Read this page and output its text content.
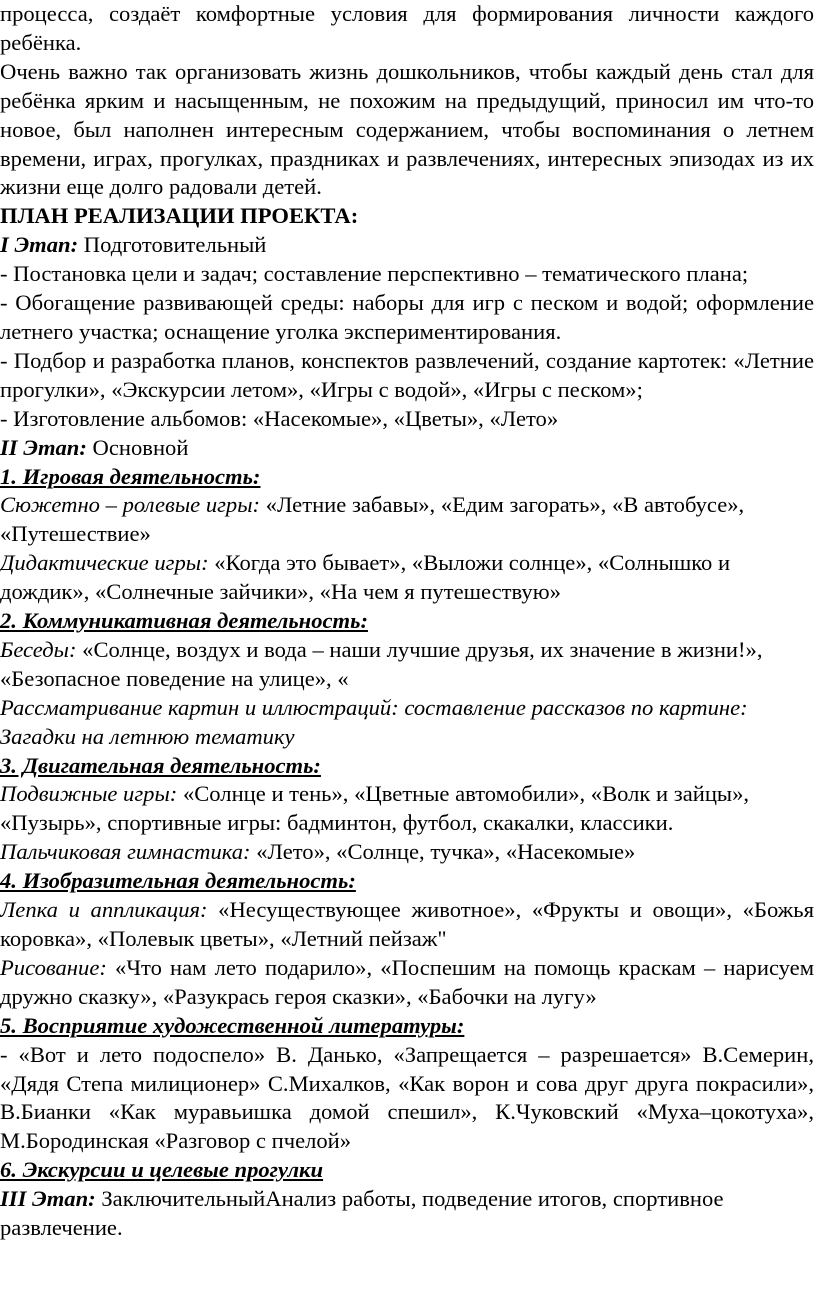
процесса, создаёт комфортные условия для формирования личности каждого ребёнка.

Очень важно так организовать жизнь дошкольников, чтобы каждый день стал для ребёнка ярким и насыщенным, не похожим на предыдущий, приносил им что-то новое, был наполнен интересным содержанием, чтобы воспоминания о летнем времени, играх, прогулках, праздниках и развлечениях, интересных эпизодах из их жизни еще долго радовали детей.

ПЛАН РЕАЛИЗАЦИИ ПРОЕКТА:

I Этап: Подготовительный

- Постановка цели и задач; составление перспективно – тематического плана;

- Обогащение развивающей среды: наборы для игр с песком и водой; оформление летнего участка; оснащение уголка экспериментирования.

- Подбор и разработка планов, конспектов развлечений, создание картотек: «Летние прогулки», «Экскурсии летом», «Игры с водой», «Игры с песком»;

- Изготовление альбомов: «Насекомые», «Цветы», «Лето»

II Этап: Основной

1. Игровая деятельность:

Сюжетно – ролевые игры: «Летние забавы», «Едим загорать», «В автобусе», «Путешествие»

Дидактические игры: «Когда это бывает», «Выложи солнце», «Солнышко и дождик», «Солнечные зайчики», «На чем я путешествую»

2. Коммуникативная деятельность:

Беседы: «Солнце, воздух и вода – наши лучшие друзья, их значение в жизни!», «Безопасное поведение на улице», «

Рассматривание картин и иллюстраций: составление рассказов по картине:

Загадки на летнюю тематику

3. Двигательная деятельность:

Подвижные игры: «Солнце и тень», «Цветные автомобили», «Волк и зайцы», «Пузырь», спортивные игры: бадминтон, футбол, скакалки, классики.

Пальчиковая гимнастика: «Лето», «Солнце, тучка», «Насекомые»

4. Изобразительная деятельность:

Лепка и аппликация: «Несуществующее животное», «Фрукты и овощи», «Божья коровка», «Полевык цветы», «Летний пейзаж"

Рисование: «Что нам лето подарило», «Поспешим на помощь краскам – нарисуем дружно сказку», «Разукрась героя сказки», «Бабочки на лугу»

5. Восприятие художественной литературы:

- «Вот и лето подоспело» В. Данько, «Запрещается – разрешается» В.Семерин, «Дядя Степа милиционер» С.Михалков, «Как ворон и сова друг друга покрасили», В.Бианки «Как муравьишка домой спешил», К.Чуковский «Муха–цокотуха», М.Бородинская «Разговор с пчелой»

6. Экскурсии и целевые прогулки

III Этап: ЗаключительныйАнализ работы, подведение итогов, спортивное развлечение.
